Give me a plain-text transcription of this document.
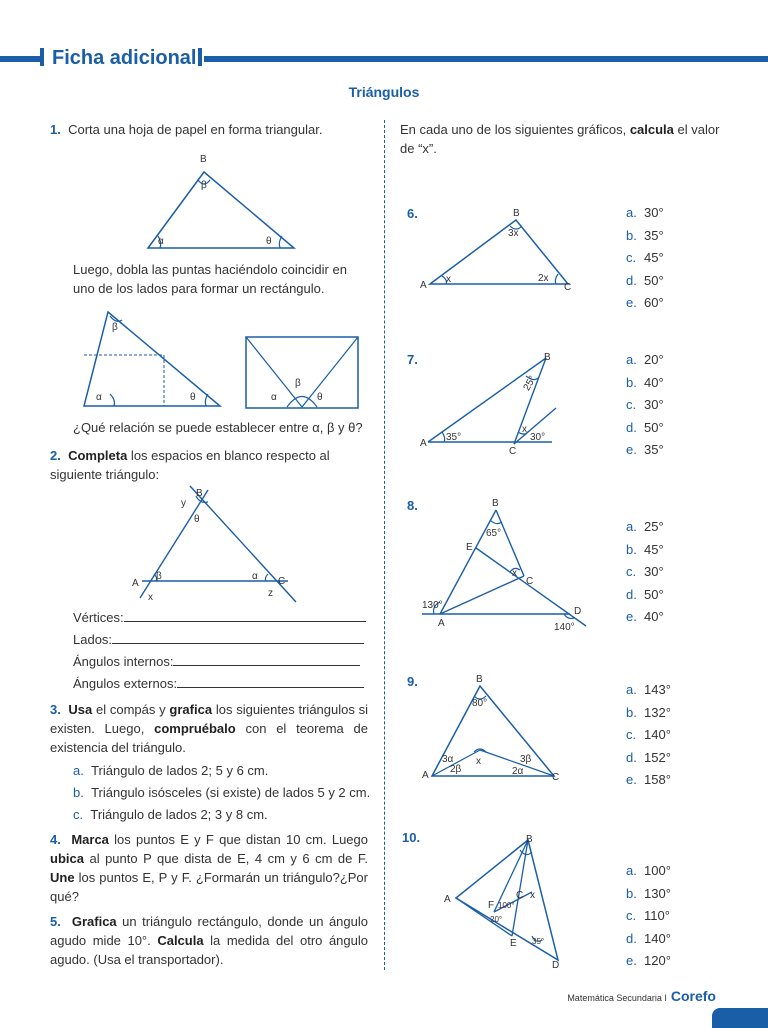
Ficha adicional
Triángulos
1. Corta una hoja de papel en forma triangular.
B
β
α	θ
Luego, dobla las puntas haciéndolo coincidir en uno de los lados para formar un rectángulo.
β
α	θ
β
α	θ
¿Qué relación se puede establecer entre α, β y θ?
2. Completa los espacios en blanco respecto al siguiente triángulo:
B
y
θ
A
β
x
α C
z
Vértices:
Lados:
Ángulos internos:
Ángulos externos:
3. Usa el compás y grafica los siguientes triángulos si existen. Luego, compruébalo con el teorema de existencia del triángulo.
a. Triángulo de lados 2; 5 y 6 cm.
b. Triángulo isósceles (si existe) de lados 5 y 2 cm.
c. Triángulo de lados 2; 3 y 8 cm.
4. Marca los puntos E y F que distan 10 cm. Luego ubica al punto P que dista de E, 4 cm y 6 cm de F. Une los puntos E, P y F. ¿Formarán un triángulo?¿Por qué?
5. Grafica un triángulo rectángulo, donde un ángulo agudo mide 10°. Calcula la medida del otro ángulo agudo. (Usa el transportador).
En cada uno de los siguientes gráficos, calcula el valor de “x”.
6.	B
3x
A
x	2x
C
a. 30°
b. 35°
c. 45°
d. 50°
e. 60°
7.	B
25°
A
35°
x
30°
C
a. 20°
b. 40°
c. 30°
d. 50°
e. 35°
8.	B
65°
E
x
C
130°
A
D
140°
a. 25°
b. 45°
c. 30°
d. 50°
e. 40°
9.	B
80°
3α
2β
x	3β
2α
A	C
a. 143°
b. 132°
c. 140°
d. 152°
e. 158°
10.	B
A	C x
F 100°
20°
E 35°
D
a. 100°
b. 130°
c. 110°
d. 140°
e. 120°
Matemática Secundaria I Corefo
